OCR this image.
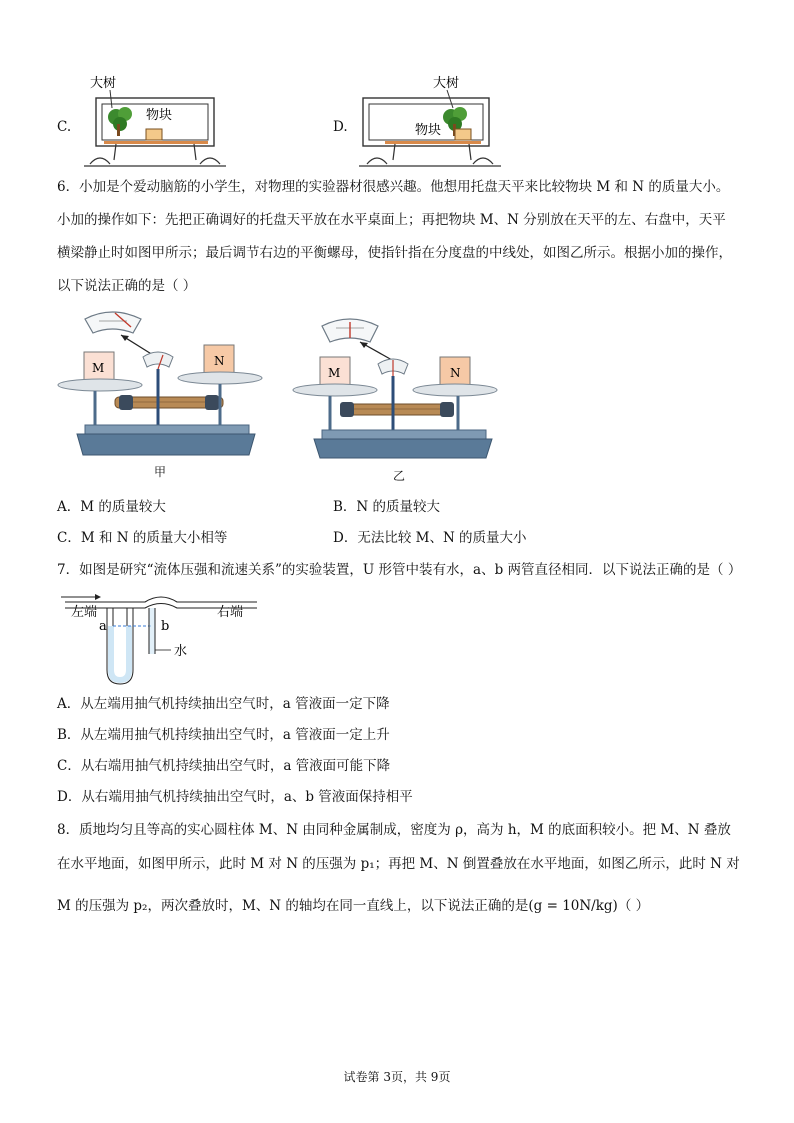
C.
大树
物块
D.
大树
物块
6．小加是个爱动脑筋的小学生，对物理的实验器材很感兴趣。他想用托盘天平来比较物块 M 和 N 的质量大小。
小加的操作如下：先把正确调好的托盘天平放在水平桌面上；再把物块 M、N 分别放在天平的左、右盘中，天平
横梁静止时如图甲所示；最后调节右边的平衡螺母，使指针指在分度盘的中线处，如图乙所示。根据小加的操作，
以下说法正确的是（ ）
M	N
甲
M	N
乙
A．M 的质量较大	B．N 的质量较大
C．M 和 N 的质量大小相等	D．无法比较 M、N 的质量大小
7．如图是研究“流体压强和流速关系”的实验装置，U 形管中装有水，a、b 两管直径相同．以下说法正确的是（ ）
左端	右端
a	b
水
A．从左端用抽气机持续抽出空气时，a 管液面一定下降
B．从左端用抽气机持续抽出空气时，a 管液面一定上升
C．从右端用抽气机持续抽出空气时，a 管液面可能下降
D．从右端用抽气机持续抽出空气时，a、b 管液面保持相平
8．质地均匀且等高的实心圆柱体 M、N 由同种金属制成，密度为 ρ，高为 h，M 的底面积较小。把 M、N 叠放
在水平地面，如图甲所示，此时 M 对 N 的压强为 p₁；再把 M、N 倒置叠放在水平地面，如图乙所示，此时 N 对
M 的压强为 p₂，两次叠放时，M、N 的轴均在同一直线上，以下说法正确的是(g = 10N/kg)（ ）
试卷第 3页，共 9页
